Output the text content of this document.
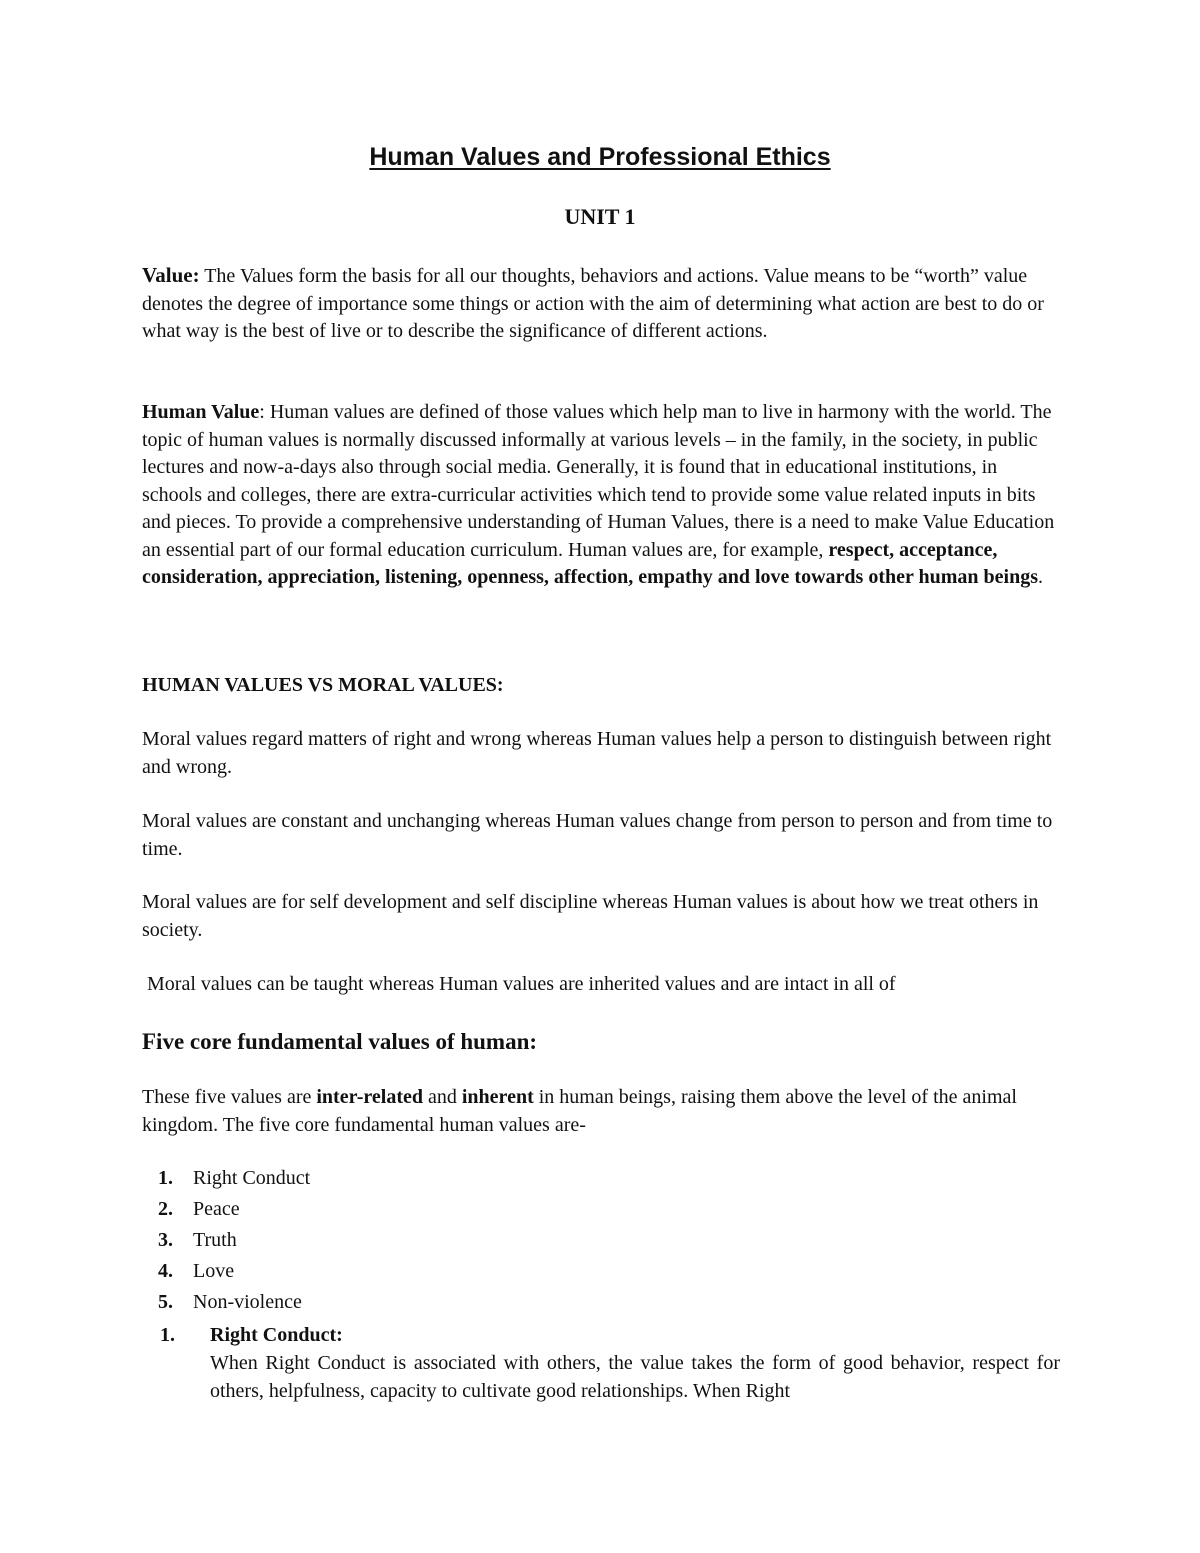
Human Values and Professional Ethics
UNIT 1

Value: The Values form the basis for all our thoughts, behaviors and actions. Value means to be “worth” value denotes the degree of importance some things or action with the aim of determining what action are best to do or what way is the best of live or to describe the significance of different actions.

Human Value: Human values are defined of those values which help man to live in harmony with the world. The topic of human values is normally discussed informally at various levels – in the family, in the society, in public lectures and now-a-days also through social media. Generally, it is found that in educational institutions, in schools and colleges, there are extra-curricular activities which tend to provide some value related inputs in bits and pieces. To provide a comprehensive understanding of Human Values, there is a need to make Value Education an essential part of our formal education curriculum. Human values are, for example, respect, acceptance, consideration, appreciation, listening, openness, affection, empathy and love towards other human beings.

HUMAN VALUES VS MORAL VALUES:

Moral values regard matters of right and wrong whereas Human values help a person to distinguish between right and wrong.

Moral values are constant and unchanging whereas Human values change from person to person and from time to time.

Moral values are for self development and self discipline whereas Human values is about how we treat others in society.

Moral values can be taught whereas Human values are inherited values and are intact in all of

Five core fundamental values of human:

These five values are inter-related and inherent in human beings, raising them above the level of the animal kingdom. The five core fundamental human values are-

1. Right Conduct
2. Peace
3. Truth
4. Love
5. Non-violence

1. Right Conduct:

When Right Conduct is associated with others, the value takes the form of good behavior, respect for others, helpfulness, capacity to cultivate good relationships. When Right
